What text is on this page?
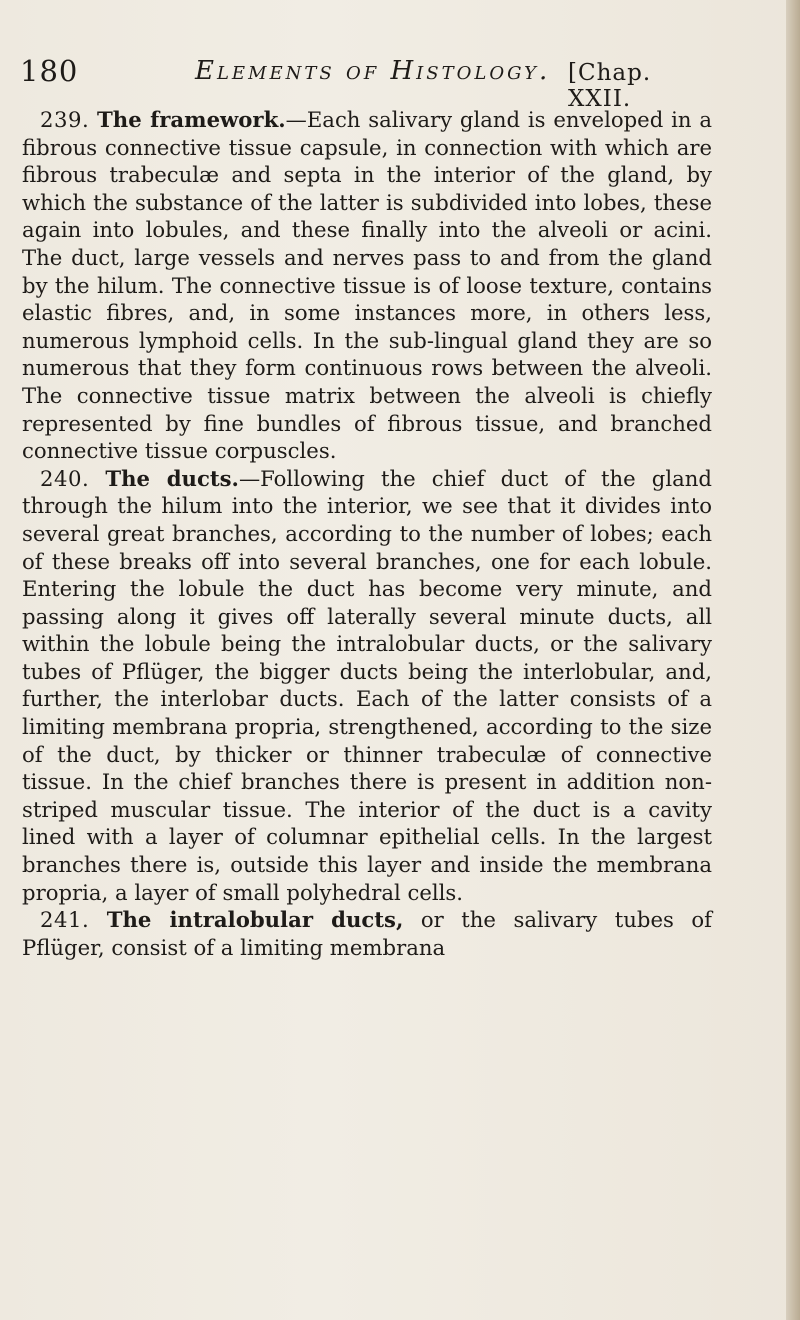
180	Elements of Histology. [Chap. XXII.

239. The framework.—Each salivary gland is enveloped in a fibrous connective tissue capsule, in connection with which are fibrous trabeculæ and septa in the interior of the gland, by which the substance of the latter is subdivided into lobes, these again into lobules, and these finally into the alveoli or acini. The duct, large vessels and nerves pass to and from the gland by the hilum. The connective tissue is of loose texture, contains elastic fibres, and, in some instances more, in others less, numerous lymphoid cells. In the sub-lingual gland they are so numerous that they form continuous rows between the alveoli. The connective tissue matrix between the alveoli is chiefly represented by fine bundles of fibrous tissue, and branched connective tissue corpuscles.

240. The ducts.—Following the chief duct of the gland through the hilum into the interior, we see that it divides into several great branches, according to the number of lobes; each of these breaks off into several branches, one for each lobule. Entering the lobule the duct has become very minute, and passing along it gives off laterally several minute ducts, all within the lobule being the intralobular ducts, or the salivary tubes of Pflüger, the bigger ducts being the interlobular, and, further, the interlobar ducts. Each of the latter consists of a limiting membrana propria, strengthened, according to the size of the duct, by thicker or thinner trabeculæ of connective tissue. In the chief branches there is present in addition non-striped muscular tissue. The interior of the duct is a cavity lined with a layer of columnar epithelial cells. In the largest branches there is, outside this layer and inside the membrana propria, a layer of small polyhedral cells.

241. The intralobular ducts, or the salivary tubes of Pflüger, consist of a limiting membrana
